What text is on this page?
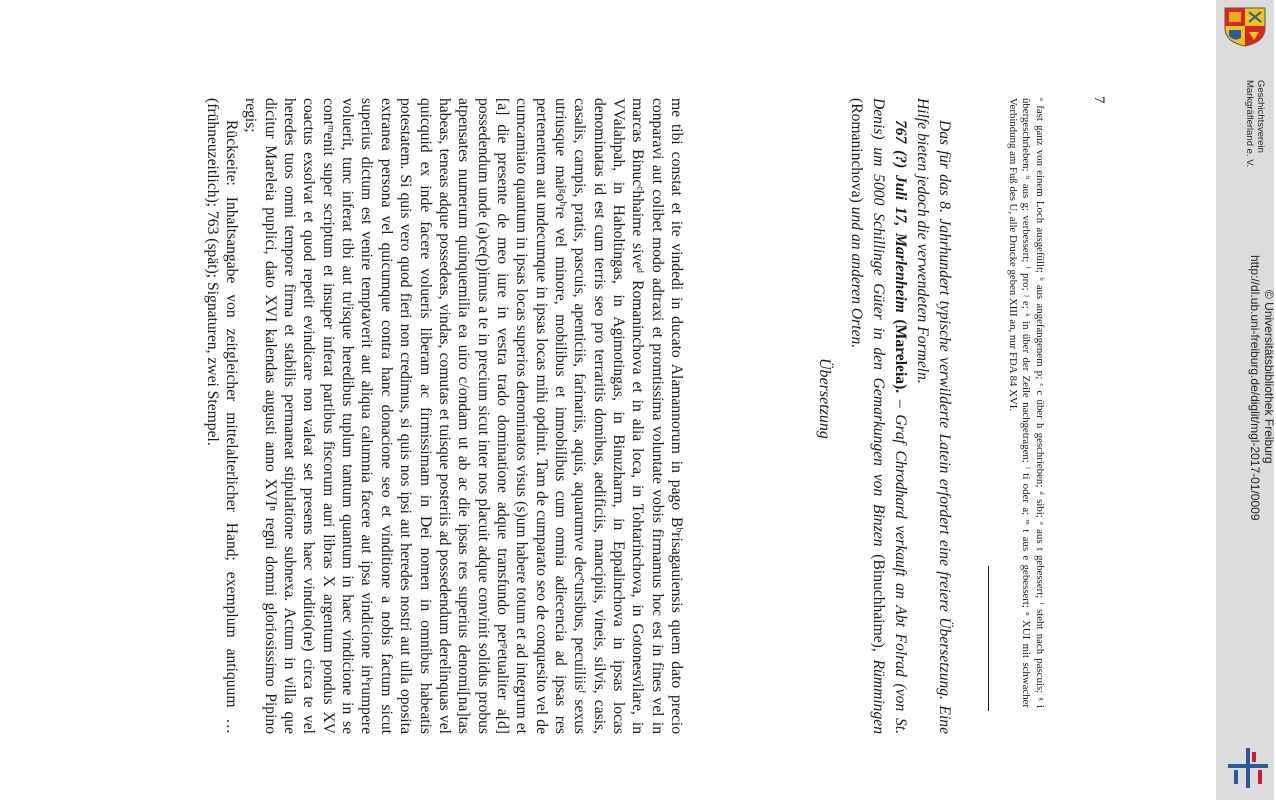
me tibi constat et ite vindedi in ducato Alamannorum in pago Bᵇrisagauiensis quem dato precio conparavi aut colibet modo adtraxi et promtissima voluntate vobis firmamus hoc est in fines vel in marcas Binucᶜhhaime siveᵈ Romaninchova et in alia loca, in Tohtarinchova, in Gotonesvilare, in VValahpah, in Haholtingas, in Agimotingas, in Binuzharm, in Eppalinchova in ipsas locas denominatas id est cum terris seo pro terraritis domibus, aedificiis, mancipiis, vineis, silvis, casis, casalis, campis, pratis, pascuis, apenticiis, farinariis, aquis, aquarumve decᵉursibus, pecuiliisᶠ sexus utriusque maiᵍoʰre vel minore, mobilibus et inmobilibus cum omnia adiecencia ad ipsas res pertenentem aut undecumque in ipsas locas mihi opdinit. Tam de cumparato seo de conquesito vel de cumcamiato quantum in ipsas locas superios denominatos visus (s)um habere totum et ad integrum et [a] die presente de meo iure in vestra trado dominatione adque transfundo perᵖetualiter a[d] possedendum unde (a)ce(p)imus a te in precium sicut inter nos placuit adque convinit solidus probus atpensates numerum quinquemilia ea uiro c/ondam ut ab ac die ipsas res superius denomi[na]tas habeas, teneas adque possedeas, vindas, comutas et tuisque posteriis ad possedendum derelinquas vel quicquid ex inde facere volueris liberam ac firmissimam in Dei nomen in omnibus habeatis potestatem. Si quis vero quod fieri non credimus, si quis nos ipsi aut heredes nostri aut ulla oposita extranea persona vel quicumque contra hanc donacione seo et vinditione a nobis factum sicut superius dictum est venire temptaverit aut aliqua calumnia facere aut ipsa vindicione inᵏrumpere voluerit, tunc inferat tibi aut tuˡisque heredibus tuplum tantum quantum in haec vindicione in se contᵐenit super scriptum et insuper inferat partibus fiscorum auri libras X argentum pondus XV coactus exsolvat et quod repetit evindicare non valeat set presens haec vinditio(ne) circa te vel heredes tuos omni tempore firma et stabilis permaneat stipulatione subnexa. Actum in villa que dicitur Mareleia puplici, dato XVI kalendas augusti anno XVIⁿ regni domni gloriosissimo Pipino regis;

Rückseite: Inhaltsangabe von zeitgleicher mittelalterlicher Hand; exemplum antiquum …(frühneuzeitlich); 763 (spät); Signaturen, zwei Stempel.	Übersetzung	Das für das 8. Jahrhundert typische verwilderte Latein erfordert eine freiere Übersetzung. Eine Hilfe bieten jedoch die verwendeten Formeln.

767 (?) Juli 17, Marlenheim (Mareleia). – Graf Chrodhard verkauft an Abt Folrad (von St. Denis) um 5000 Schillinge Güter in den Gemarkungen von Binzen (Binuchhaime), Rümmingen (Romaninchova) und an anderen Orten.	ᵃ fast ganz von einem Loch ausgefüllt; ᵇ aus angefangenem p; ᶜ c über h geschrieben; ᵈ sibi; ᵉ aus t gebessert; ᶠ steht nach pascuis; ᵍ i übergeschrieben; ʰ aus g; verbessert; ⁱ pro; ʲ e; ᵏ in über der Zeile nachgetragen; ˡ ti oder a; ᵐ t aus e gebessert; ⁿ XUI mit schwacher Verbindung am Fuß des U, alle Drucke geben XIII an, nur FDA 84 XVI.	7	Geschichtsverein
Markgräflerland e. V.
http://dl.ub.uni-freiburg.de/diglit/mgl-2017-01/0009 © Universitätsbibliothek Freiburg
